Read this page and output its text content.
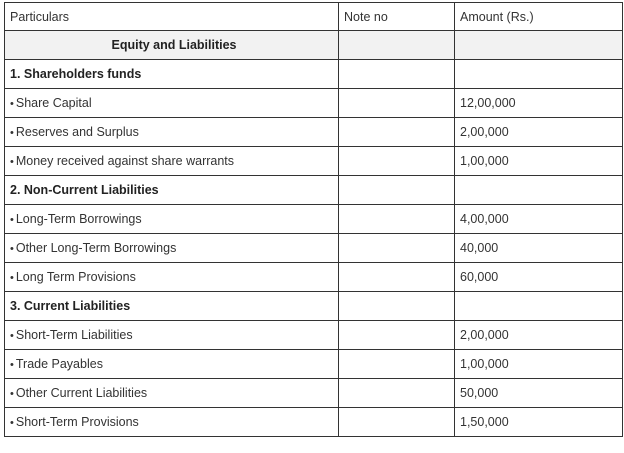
Particulars	Note no	Amount (Rs.)
Equity and Liabilities		
1. Shareholders funds		
• Share Capital		12,00,000
• Reserves and Surplus		2,00,000
• Money received against share warrants		1,00,000
2. Non-Current Liabilities		
• Long-Term Borrowings		4,00,000
• Other Long-Term Borrowings		40,000
• Long Term Provisions		60,000
3. Current Liabilities		
• Short-Term Liabilities		2,00,000
• Trade Payables		1,00,000
• Other Current Liabilities		50,000
• Short-Term Provisions		1,50,000
